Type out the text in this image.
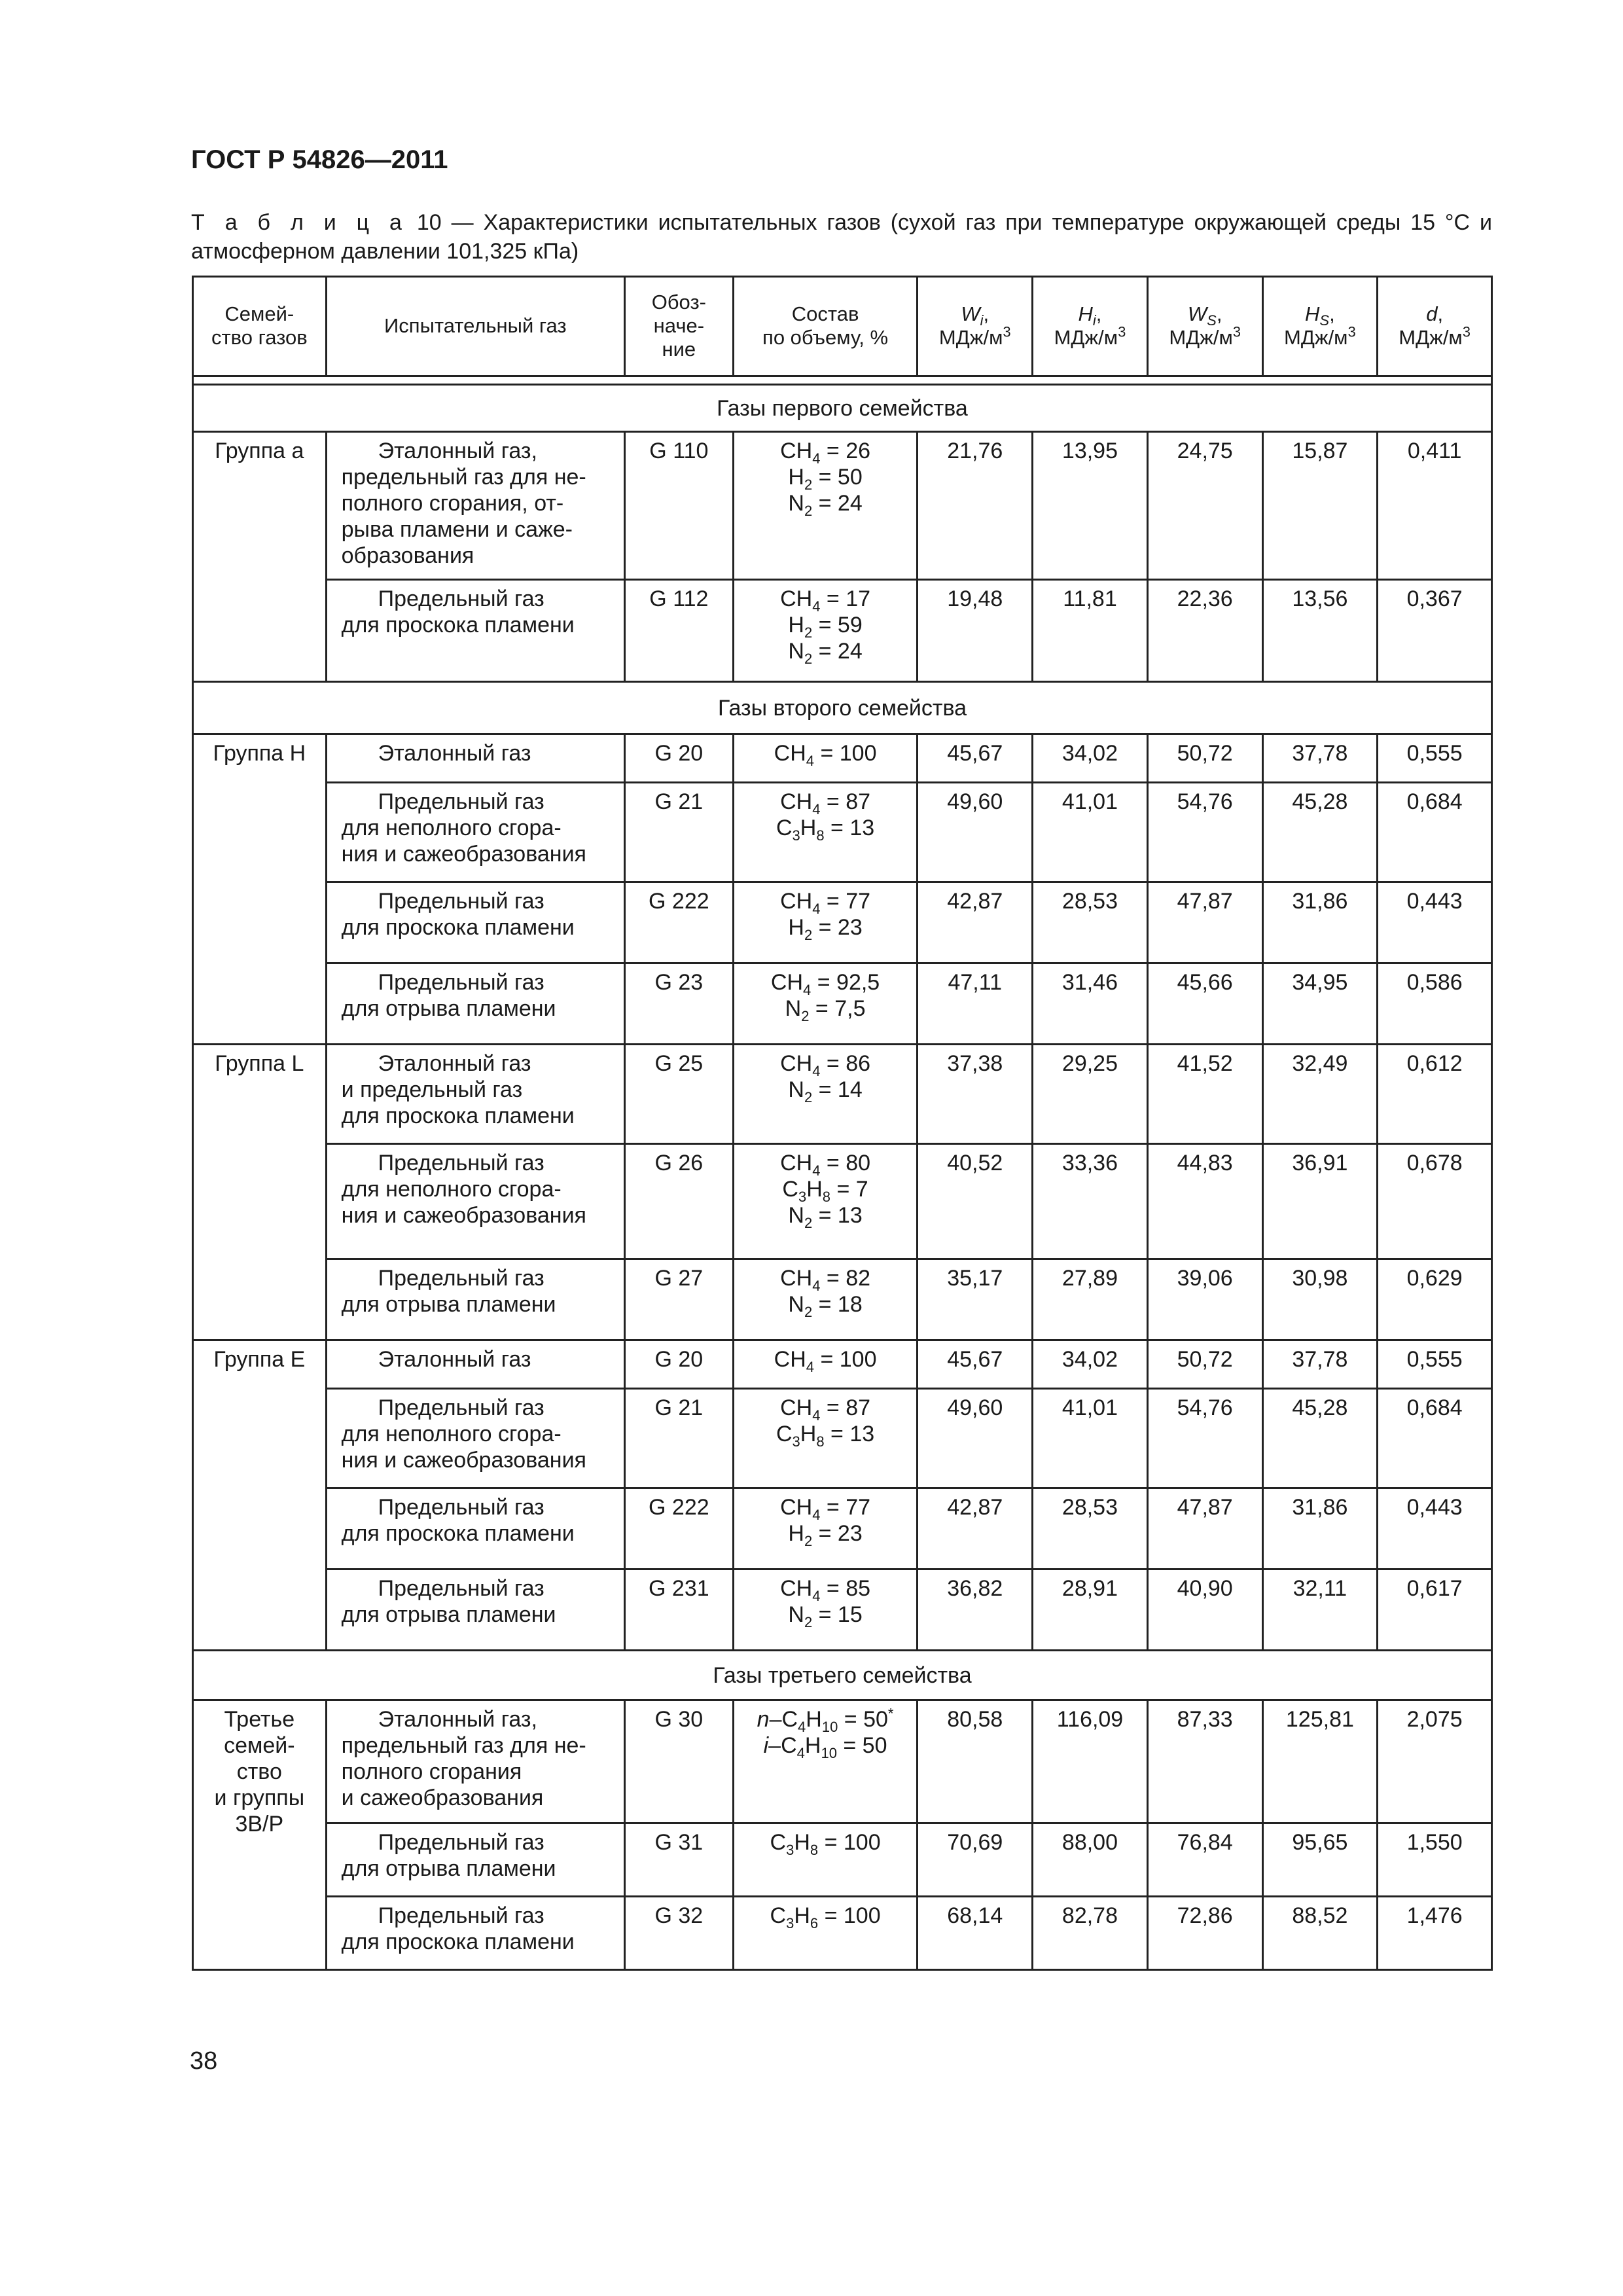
ГОСТ Р 54826—2011
Т а б л и ц а 10 — Характеристики испытательных газов (сухой газ при температуре окружающей среды 15 °C и атмосферном давлении 101,325 кПа)
Семей-
ство газов	Испытательный газ	Обоз-
наче-
ние	Состав
по объему, %	$W_i$,
МДж/$м^3$	$H_i$,
МДж/$м^3$	$W_S$,
МДж/$м^3$	$H_S$,
МДж/$м^3$	d,
МДж/$м^3$

Газы первого семейства								
Группа а	Эталонный газ,
предельный газ для не-
полного сгорания, от-
рыва пламени и саже-
образования	G 110	$CH_4 = 26$
$H_2 = 50$
$N_2 = 24$	21,76	13,95	24,75	15,87	0,411

	Предельный газ
для проскока пламени	G 112	$CH_4 = 17$
$H_2 = 59$
$N_2 = 24$	19,48	11,81	22,36	13,56	0,367
Газы второго семейства								
Группа Н	Эталонный газ	G 20	$CH_4 = 100$	45,67	34,02	50,72	37,78	0,555

	Предельный газ
для неполного сгора-
ния и сажеобразования	G 21	$CH_4 = 87$
$C_3H_8 = 13$	49,60	41,01	54,76	45,28	0,684

	Предельный газ
для проскока пламени	G 222	$CH_4 = 77$
$H_2 = 23$	42,87	28,53	47,87	31,86	0,443

	Предельный газ
для отрыва пламени	G 23	$CH_4 = 92,5$
$N_2 = 7,5$	47,11	31,46	45,66	34,95	0,586
Группа L	Эталонный газ
и предельный газ
для проскока пламени	G 25	$CH_4 = 86$
$N_2 = 14$	37,38	29,25	41,52	32,49	0,612

	Предельный газ
для неполного сгора-
ния и сажеобразования	G 26	$CH_4 = 80$
$C_3H_8 = 7$
$N_2 = 13$	40,52	33,36	44,83	36,91	0,678

	Предельный газ
для отрыва пламени	G 27	$CH_4 = 82$
$N_2 = 18$	35,17	27,89	39,06	30,98	0,629
Группа Е	Эталонный газ	G 20	$CH_4 = 100$	45,67	34,02	50,72	37,78	0,555

	Предельный газ
для неполного сгора-
ния и сажеобразования	G 21	$CH_4 = 87$
$C_3H_8 = 13$	49,60	41,01	54,76	45,28	0,684

	Предельный газ
для проскока пламени	G 222	$CH_4 = 77$
$H_2 = 23$	42,87	28,53	47,87	31,86	0,443

	Предельный газ
для отрыва пламени	G 231	$CH_4 = 85$
$N_2 = 15$	36,82	28,91	40,90	32,11	0,617
Газы третьего семейства								
Третье
семей-
ство
и группы
3В/Р	Эталонный газ,
предельный газ для не-
полного сгорания
и сажеобразования	G 30	$n-C_4H_{10} = 50^*$
$i-C_4H_{10} = 50$	80,58	116,09	87,33	125,81	2,075

	Предельный газ
для отрыва пламени	G 31	$C_3H_8 = 100$	70,69	88,00	76,84	95,65	1,550

	Предельный газ
для проскока пламени	G 32	$C_3H_6 = 100$	68,14	82,78	72,86	88,52	1,476
38
